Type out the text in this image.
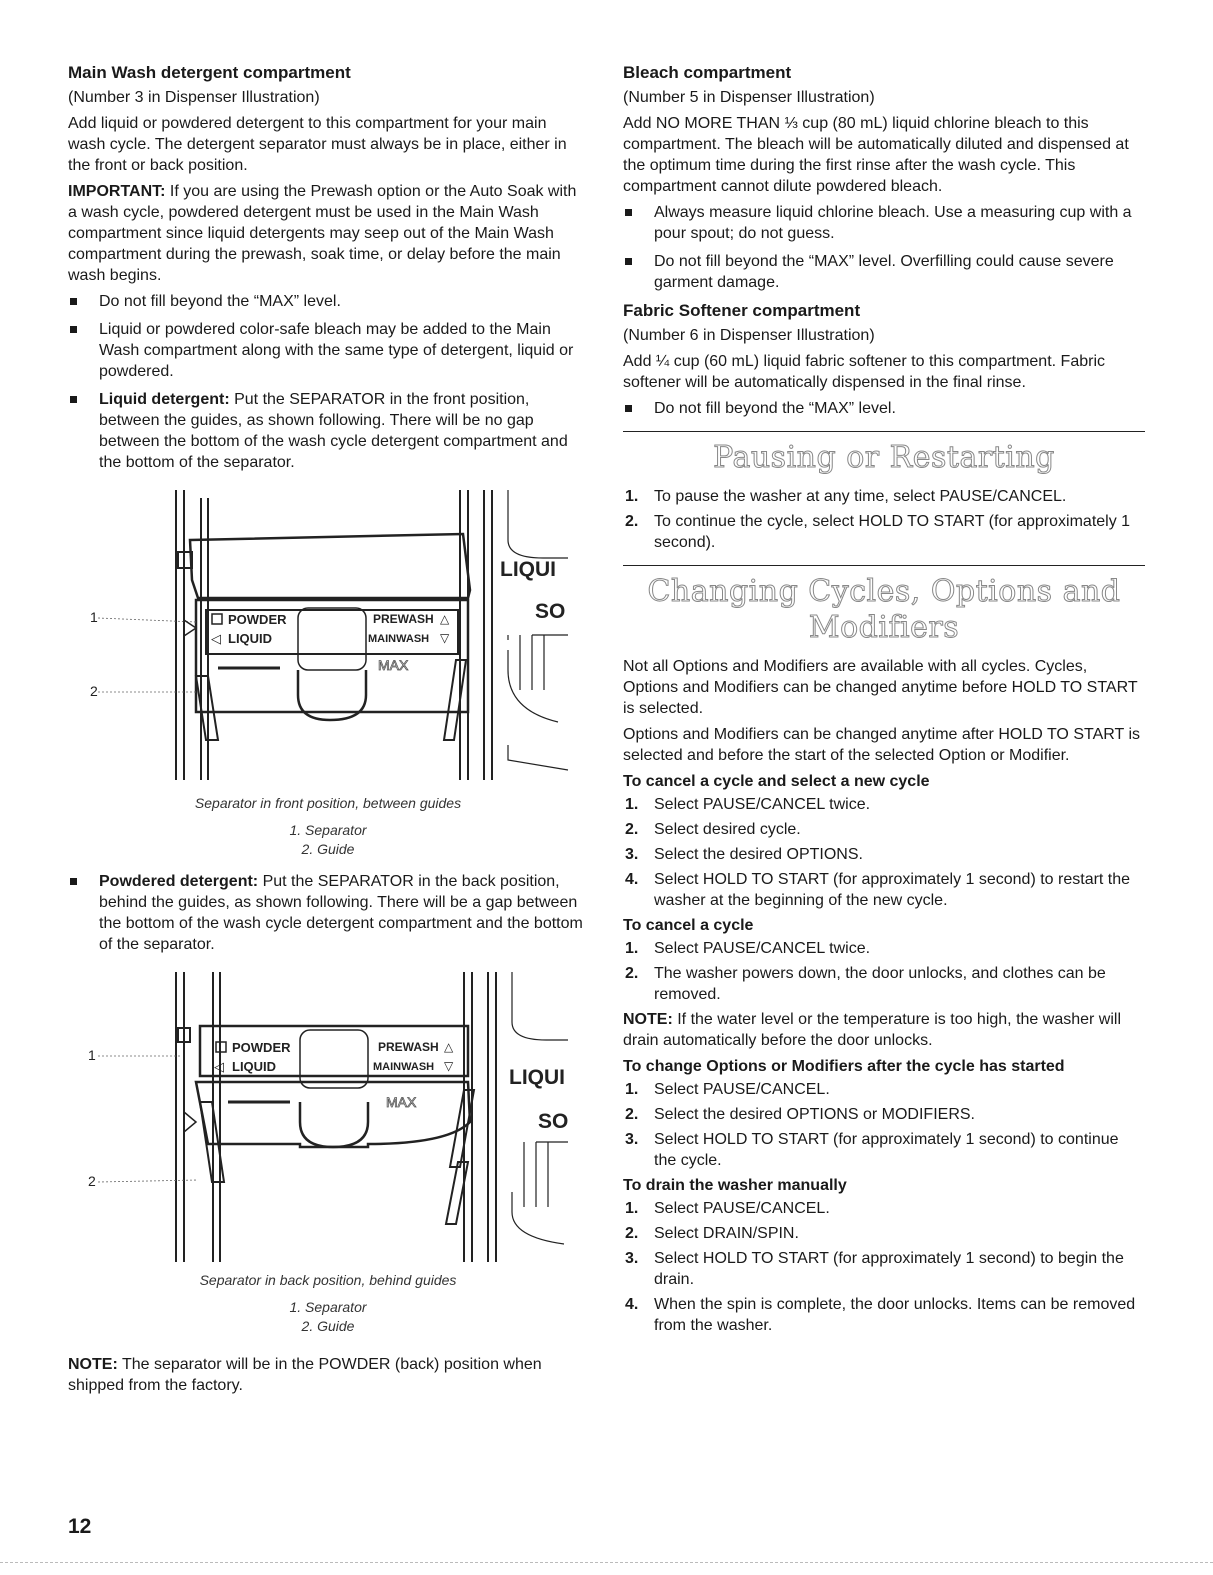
Main Wash detergent compartment

(Number 3 in Dispenser Illustration)

Add liquid or powdered detergent to this compartment for your main wash cycle. The detergent separator must always be in place, either in the front or back position.

IMPORTANT: If you are using the Prewash option or the Auto Soak with a wash cycle, powdered detergent must be used in the Main Wash compartment since liquid detergents may seep out of the Main Wash compartment during the prewash, soak time, or delay before the main wash begins.

Do not fill beyond the “MAX” level.
Liquid or powdered color-safe bleach may be added to the Main Wash compartment along with the same type of detergent, liquid or powdered.
Liquid detergent: Put the SEPARATOR in the front position, between the guides, as shown following. There will be no gap between the bottom of the wash cycle detergent compartment and the bottom of the separator.
POWDER
◁ LIQUID
PREWASH △
MAINWASH ▽
MAX
LIQUI
SO
1
2

Separator in front position, between guides

1. Separator

2. Guide

Powdered detergent: Put the SEPARATOR in the back position, behind the guides, as shown following. There will be a gap between the bottom of the wash cycle detergent compartment and the bottom of the separator.
POWDER
◁ LIQUID
PREWASH △
MAINWASH ▽
MAX
LIQUI
SO
1
2

Separator in back position, behind guides

1. Separator

2. Guide

NOTE: The separator will be in the POWDER (back) position when shipped from the factory.

Bleach compartment

(Number 5 in Dispenser Illustration)

Add NO MORE THAN ⅓ cup (80 mL) liquid chlorine bleach to this compartment. The bleach will be automatically diluted and dispensed at the optimum time during the first rinse after the wash cycle. This compartment cannot dilute powdered bleach.

Always measure liquid chlorine bleach. Use a measuring cup with a pour spout; do not guess.
Do not fill beyond the “MAX” level. Overfilling could cause severe garment damage.
Fabric Softener compartment

(Number 6 in Dispenser Illustration)

Add ¼ cup (60 mL) liquid fabric softener to this compartment. Fabric softener will be automatically dispensed in the final rinse.

Do not fill beyond the “MAX” level.
Pausing or Restarting
1. To pause the washer at any time, select PAUSE/CANCEL.
2. To continue the cycle, select HOLD TO START (for approximately 1 second).
Changing Cycles, Options and Modifiers

Not all Options and Modifiers are available with all cycles. Cycles, Options and Modifiers can be changed anytime before HOLD TO START is selected.

Options and Modifiers can be changed anytime after HOLD TO START is selected and before the start of the selected Option or Modifier.

To cancel a cycle and select a new cycle
1. Select PAUSE/CANCEL twice.
2. Select desired cycle.
3. Select the desired OPTIONS.
4. Select HOLD TO START (for approximately 1 second) to restart the washer at the beginning of the new cycle.
To cancel a cycle
1. Select PAUSE/CANCEL twice.
2. The washer powers down, the door unlocks, and clothes can be removed.

NOTE: If the water level or the temperature is too high, the washer will drain automatically before the door unlocks.

To change Options or Modifiers after the cycle has started
1. Select PAUSE/CANCEL.
2. Select the desired OPTIONS or MODIFIERS.
3. Select HOLD TO START (for approximately 1 second) to continue the cycle.
To drain the washer manually
1. Select PAUSE/CANCEL.
2. Select DRAIN/SPIN.
3. Select HOLD TO START (for approximately 1 second) to begin the drain.
4. When the spin is complete, the door unlocks. Items can be removed from the washer.
12
